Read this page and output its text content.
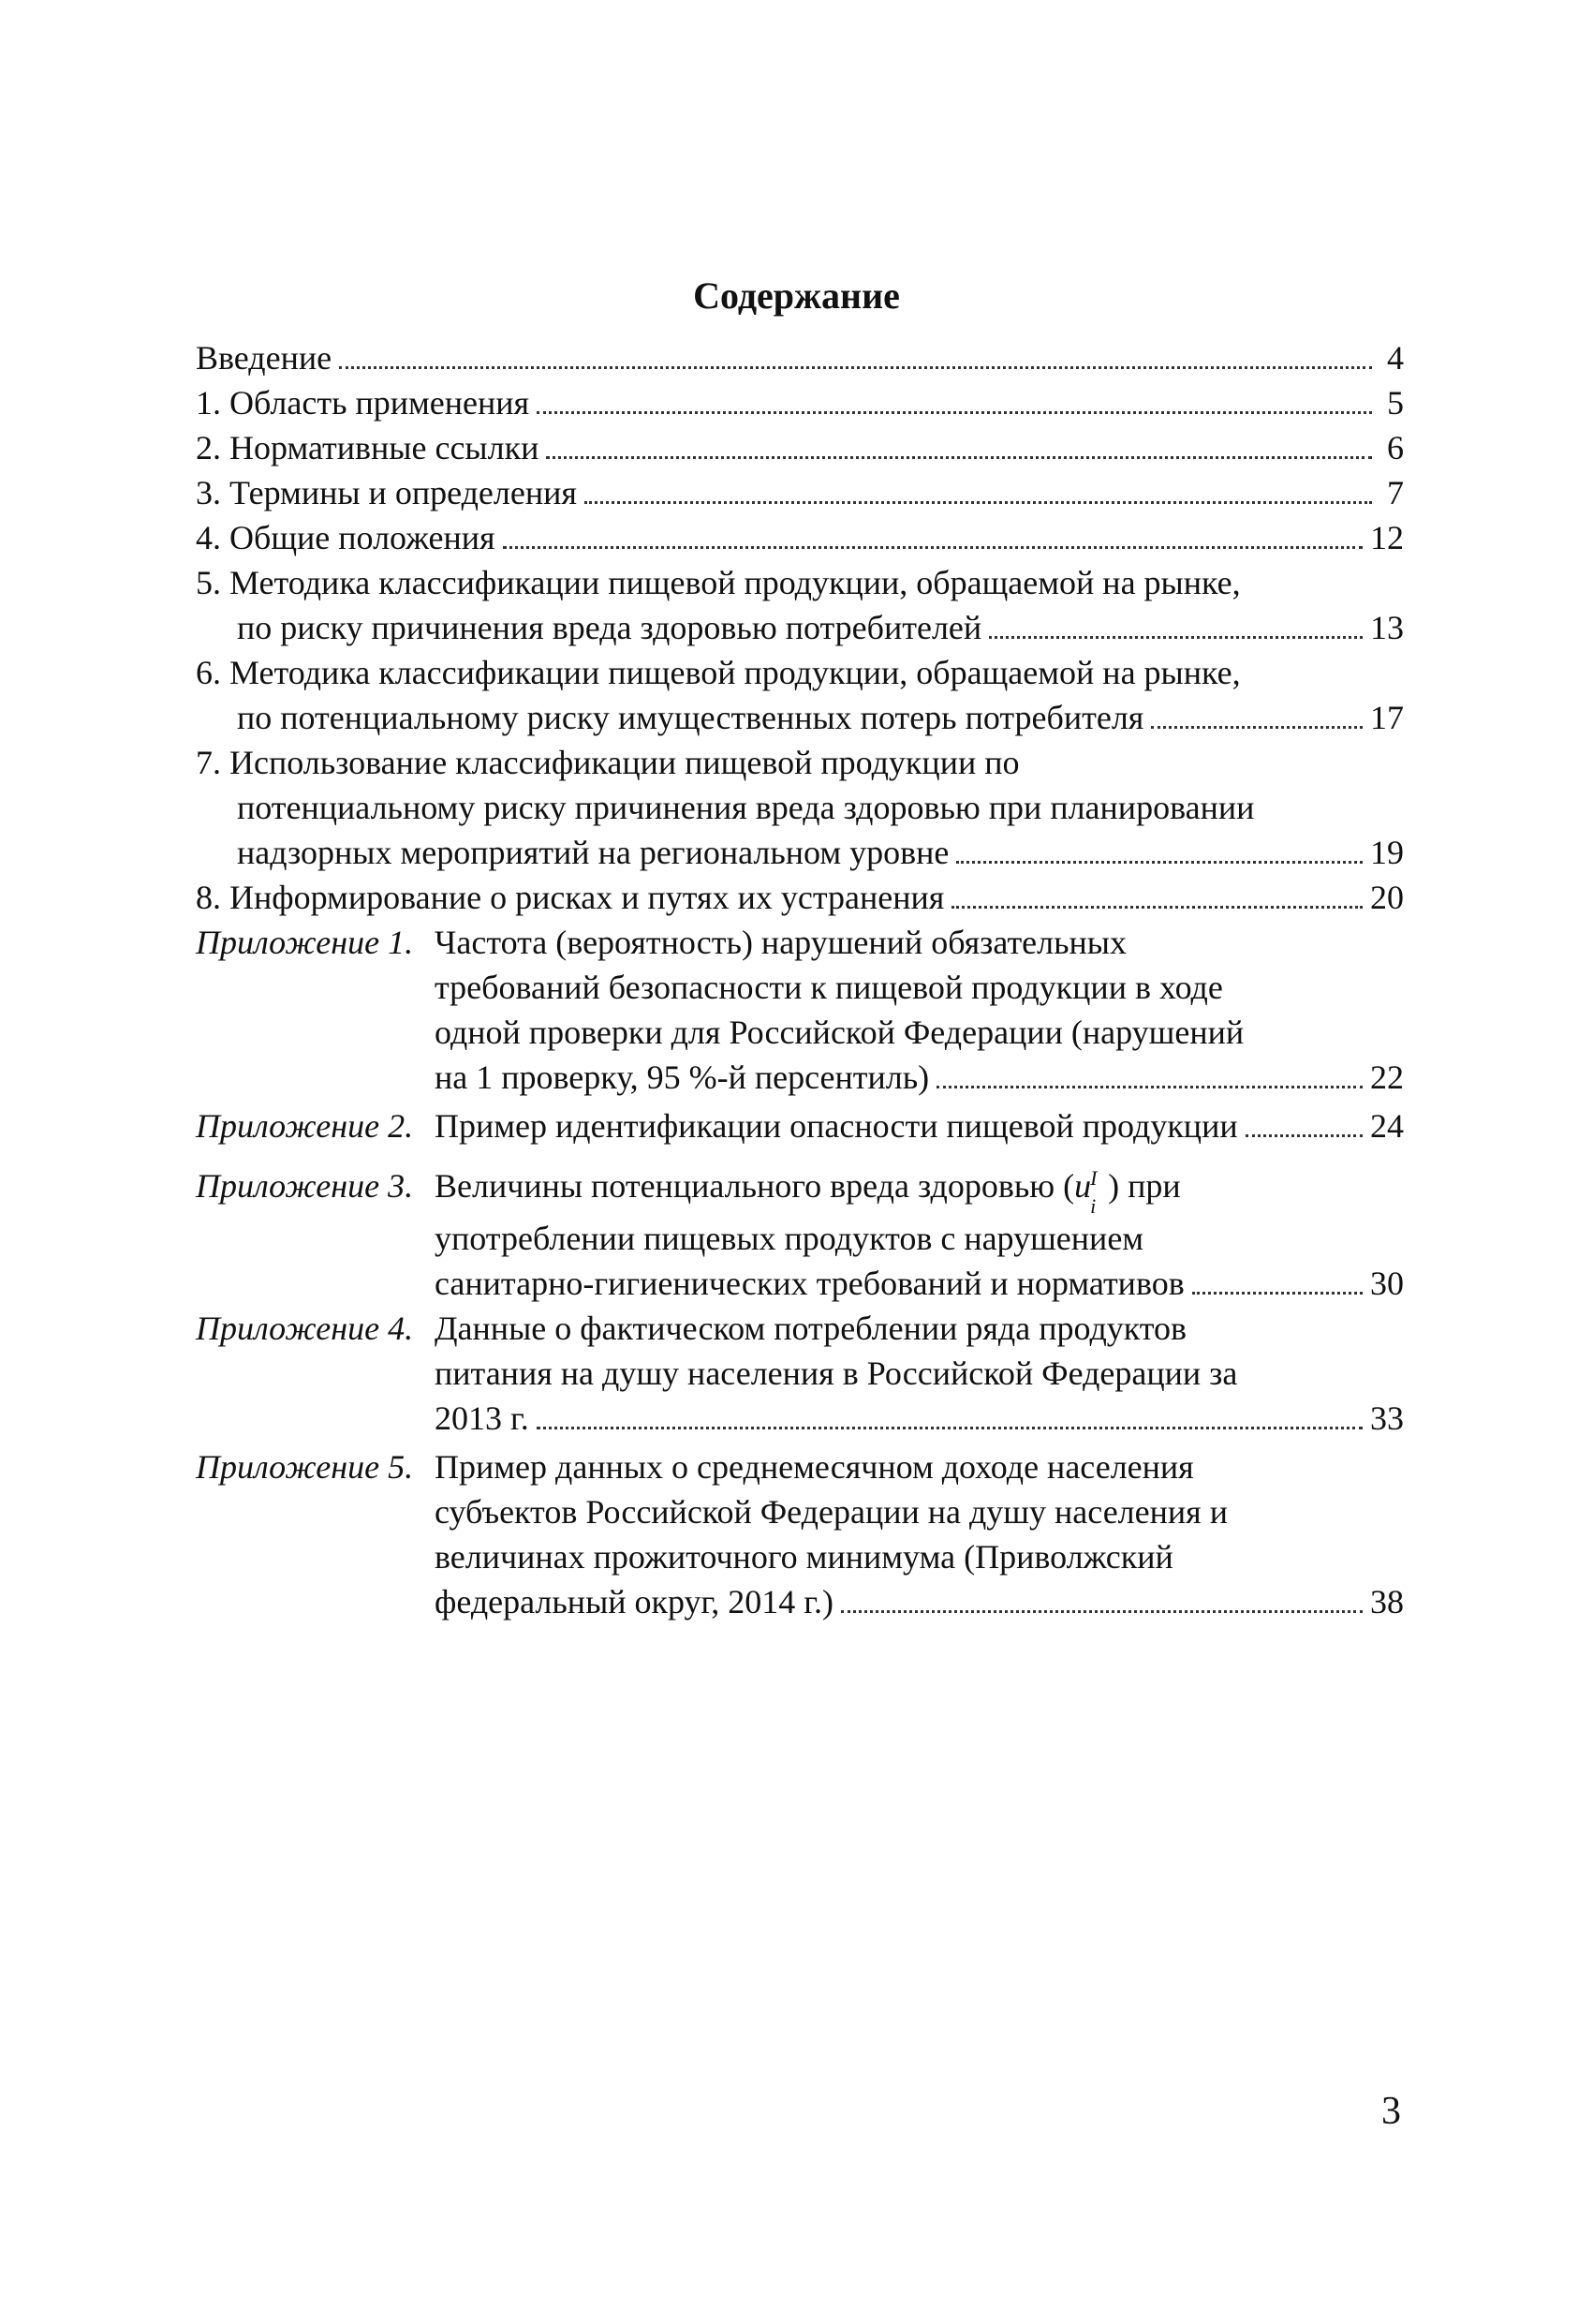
Содержание
Введение	4
1. Область применения	5
2. Нормативные ссылки	6
3. Термины и определения	7
4. Общие положения	12
5. Методика классификации пищевой продукции, обращаемой на рынке,
по риску причинения вреда здоровью потребителей	13
6. Методика классификации пищевой продукции, обращаемой на рынке,
по потенциальному риску имущественных потерь потребителя	17
7. Использование классификации пищевой продукции по
потенциальному риску причинения вреда здоровью при планировании
надзорных мероприятий на региональном уровне	19
8. Информирование о рисках и путях их устранения	20
Приложение 1. Частота (вероятность) нарушений обязательных
требований безопасности к пищевой продукции в ходе
одной проверки для Российской Федерации (нарушений
на 1 проверку, 95 %-й персентиль)	22
Приложение 2. Пример идентификации опасности пищевой продукции	24
Приложение 3. Величины потенциального вреда здоровью (u I
i
) при
употреблении пищевых продуктов с нарушением
санитарно-гигиенических требований и нормативов	30
Приложение 4. Данные о фактическом потреблении ряда продуктов
питания на душу населения в Российской Федерации за
2013 г.	33
Приложение 5. Пример данных о среднемесячном доходе населения
субъектов Российской Федерации на душу населения и
величинах прожиточного минимума (Приволжский
федеральный округ, 2014 г.)	38
3
